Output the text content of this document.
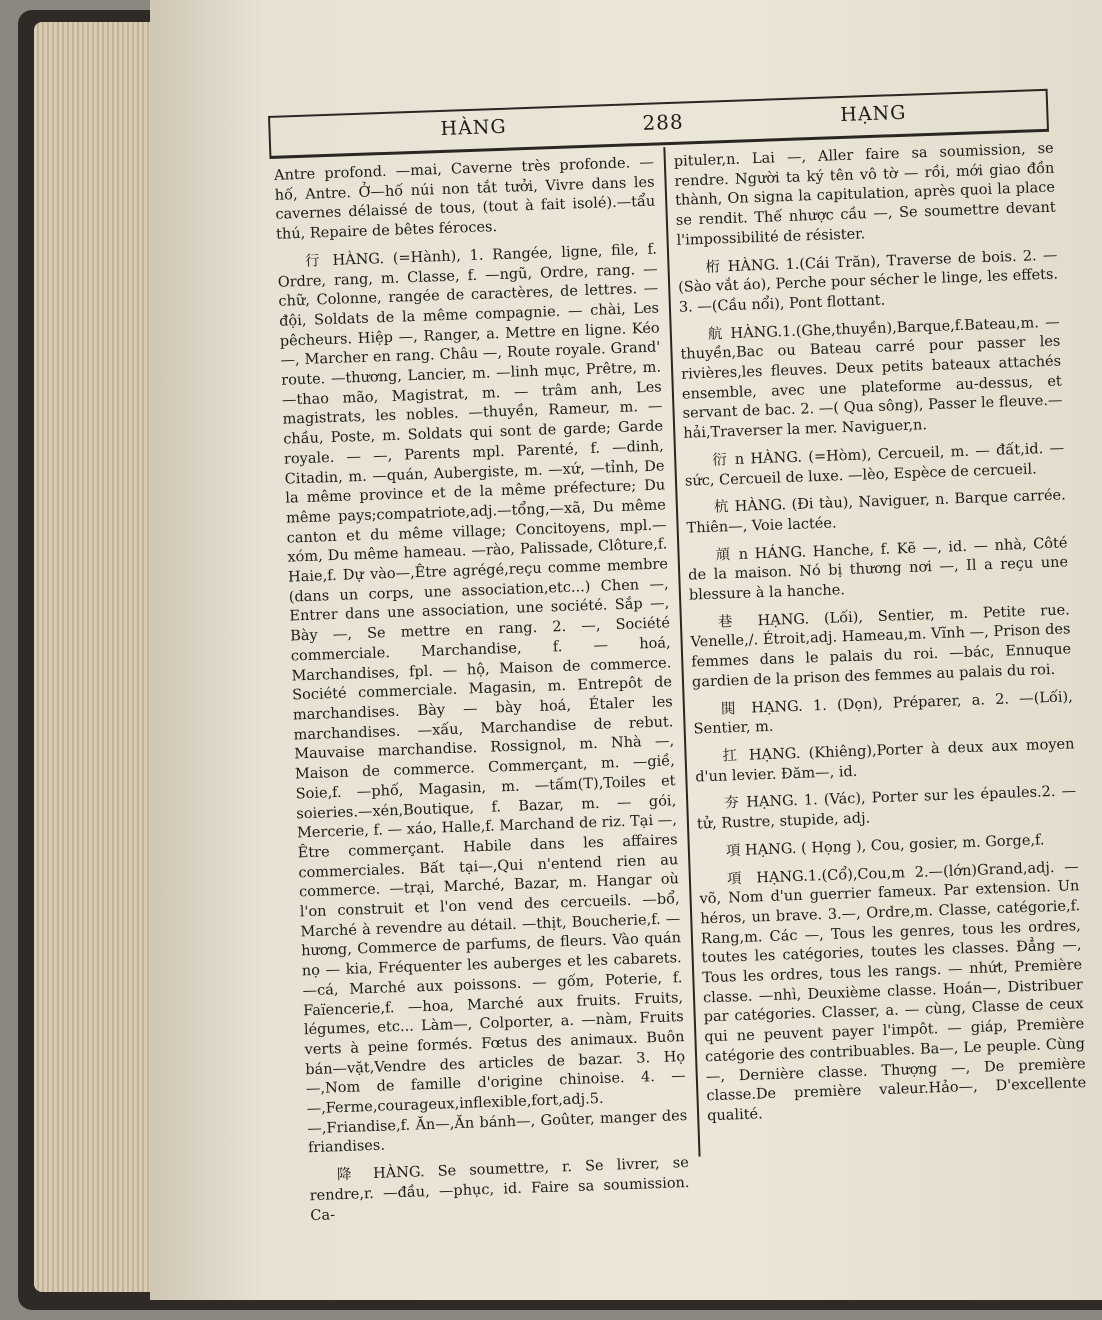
HÀNG	288	HẠNG

Antre profond. —mai, Caverne très profonde. — hố, Antre. Ở—hố núi non tắt tưởi, Vivre dans les cavernes délaissé de tous, (tout à fait isolé).—tẩu thú, Repaire de bêtes féroces.

行 HÀNG. (=Hành), 1. Rangée, ligne, file, f. Ordre, rang, m. Classe, f. —ngũ, Ordre, rang. — chữ, Colonne, rangée de caractères, de lettres. — đội, Soldats de la même compagnie. — chài, Les pêcheurs. Hiệp —, Ranger, a. Mettre en ligne. Kéo —, Marcher en rang. Châu —, Route royale. Grand' route. —thương, Lancier, m. —linh mục, Prêtre, m. —thao mão, Magistrat, m. — trâm anh, Les magistrats, les nobles. —thuyền, Rameur, m. —chầu, Poste, m. Soldats qui sont de garde; Garde royale. — —, Parents mpl. Parenté, f. —dinh, Citadin, m. —quán, Aubergiste, m. —xứ, —tỉnh, De la même province et de la même préfecture; Du même pays;compatriote,adj.—tổng,—xã, Du même canton et du même village; Concitoyens, mpl.—xóm, Du même hameau. —rào, Palissade, Clôture,f. Haie,f. Dự vào—,Être agrégé,reçu comme membre (dans un corps, une association,etc...) Chen —, Entrer dans une association, une société. Sắp —, Bày —, Se mettre en rang. 2. —, Société commerciale. Marchandise, f. — hoá, Marchandises, fpl. — hộ, Maison de commerce. Société commerciale. Magasin, m. Entrepôt de marchandises. Bày — bày hoá, Étaler les marchandises. —xấu, Marchandise de rebut. Mauvaise marchandise. Rossignol, m. Nhà —, Maison de commerce. Commerçant, m. —giề, Soie,f. —phố, Magasin, m. —tấm(T),Toiles et soieries.—xén,Boutique, f. Bazar, m. — gói, Mercerie, f. — xáo, Halle,f. Marchand de riz. Tại —, Être commerçant. Habile dans les affaires commerciales. Bất tại—,Qui n'entend rien au commerce. —trại, Marché, Bazar, m. Hangar où l'on construit et l'on vend des cercueils. —bổ, Marché à revendre au détail. —thịt, Boucherie,f. —hương, Commerce de parfums, de fleurs. Vào quán nọ — kia, Fréquenter les auberges et les cabarets. —cá, Marché aux poissons. — gốm, Poterie, f. Faïencerie,f. —hoa, Marché aux fruits. Fruits, légumes, etc... Làm—, Colporter, a. —nàm, Fruits verts à peine formés. Fœtus des animaux. Buôn bán—vặt,Vendre des articles de bazar. 3. Họ —,Nom de famille d'origine chinoise. 4. — —,Ferme,courageux,inflexible,fort,adj.5.—,Friandise,f. Ăn—,Ăn bánh—, Goûter, manger des friandises.

降 HÀNG. Se soumettre, r. Se livrer, se rendre,r. —đầu, —phục, id. Faire sa soumission. Ca-

pituler,n. Lai —, Aller faire sa soumission, se rendre. Người ta ký tên vô tờ — rồi, mới giao đồn thành, On signa la capitulation, après quoi la place se rendit. Thế nhược cầu —, Se soumettre devant l'impossibilité de résister.

桁 HÀNG. 1.(Cái Trăn), Traverse de bois. 2. —(Sào vắt áo), Perche pour sécher le linge, les effets. 3. —(Cầu nổi), Pont flottant.

航 HÀNG.1.(Ghe,thuyền),Barque,f.Bateau,m. —thuyền,Bac ou Bateau carré pour passer les rivières,les fleuves. Deux petits bateaux attachés ensemble, avec une plateforme au-dessus, et servant de bac. 2. —( Qua sông), Passer le fleuve.—hải,Traverser la mer. Naviguer,n.

衍 n HÀNG. (=Hòm), Cercueil, m. — đất,id. — sức, Cercueil de luxe. —lèo, Espèce de cercueil.

杭 HÀNG. (Đi tàu), Naviguer, n. Barque carrée. Thiên—, Voie lactée.

頏 n HÁNG. Hanche, f. Kẽ —, id. — nhà, Côté de la maison. Nó bị thương nơi —, Il a reçu une blessure à la hanche.

巷 HẠNG. (Lối), Sentier, m. Petite rue. Venelle,/. Étroit,adj. Hameau,m. Vĩnh —, Prison des femmes dans le palais du roi. —bác, Ennuque gardien de la prison des femmes au palais du roi.

閧 HẠNG. 1. (Dọn), Préparer, a. 2. —(Lối), Sentier, m.

扛 HẠNG. (Khiêng),Porter à deux aux moyen d'un levier. Đăm—, id.

夯 HẠNG. 1. (Vác), Porter sur les épaules.2. —tử, Rustre, stupide, adj.

項 HẠNG. ( Họng ), Cou, gosier, m. Gorge,f.

項 HẠNG.1.(Cổ),Cou,m 2.—(lớn)Grand,adj. —võ, Nom d'un guerrier fameux. Par extension. Un héros, un brave. 3.—, Ordre,m. Classe, catégorie,f. Rang,m. Các —, Tous les genres, tous les ordres, toutes les catégories, toutes les classes. Đẳng —, Tous les ordres, tous les rangs. — nhứt, Première classe. —nhì, Deuxième classe. Hoán—, Distribuer par catégories. Classer, a. — cùng, Classe de ceux qui ne peuvent payer l'impôt. — giáp, Première catégorie des contribuables. Ba—, Le peuple. Cùng —, Dernière classe. Thượng —, De première classe.De première valeur.Hảo—, D'excellente qualité.
